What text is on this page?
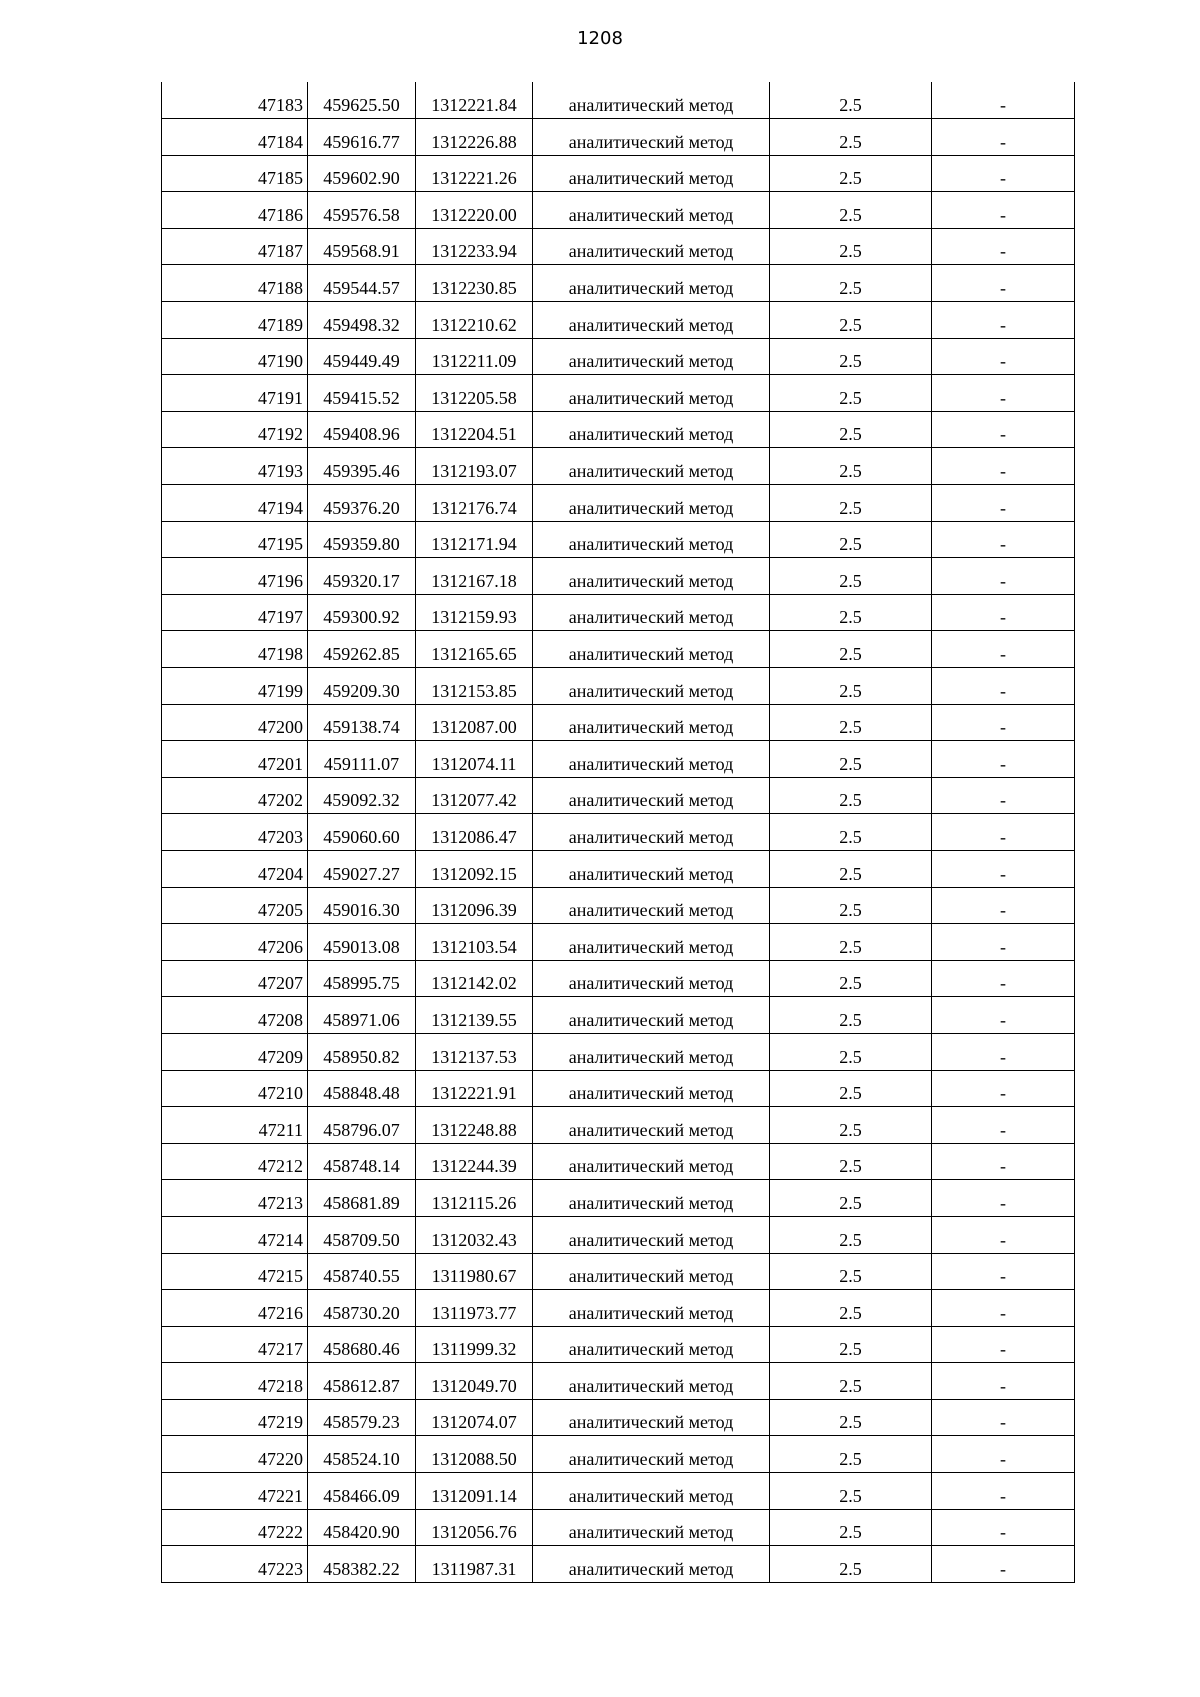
1208
47183	459625.50	1312221.84	аналитический метод	2.5	-
47184	459616.77	1312226.88	аналитический метод	2.5	-
47185	459602.90	1312221.26	аналитический метод	2.5	-
47186	459576.58	1312220.00	аналитический метод	2.5	-
47187	459568.91	1312233.94	аналитический метод	2.5	-
47188	459544.57	1312230.85	аналитический метод	2.5	-
47189	459498.32	1312210.62	аналитический метод	2.5	-
47190	459449.49	1312211.09	аналитический метод	2.5	-
47191	459415.52	1312205.58	аналитический метод	2.5	-
47192	459408.96	1312204.51	аналитический метод	2.5	-
47193	459395.46	1312193.07	аналитический метод	2.5	-
47194	459376.20	1312176.74	аналитический метод	2.5	-
47195	459359.80	1312171.94	аналитический метод	2.5	-
47196	459320.17	1312167.18	аналитический метод	2.5	-
47197	459300.92	1312159.93	аналитический метод	2.5	-
47198	459262.85	1312165.65	аналитический метод	2.5	-
47199	459209.30	1312153.85	аналитический метод	2.5	-
47200	459138.74	1312087.00	аналитический метод	2.5	-
47201	459111.07	1312074.11	аналитический метод	2.5	-
47202	459092.32	1312077.42	аналитический метод	2.5	-
47203	459060.60	1312086.47	аналитический метод	2.5	-
47204	459027.27	1312092.15	аналитический метод	2.5	-
47205	459016.30	1312096.39	аналитический метод	2.5	-
47206	459013.08	1312103.54	аналитический метод	2.5	-
47207	458995.75	1312142.02	аналитический метод	2.5	-
47208	458971.06	1312139.55	аналитический метод	2.5	-
47209	458950.82	1312137.53	аналитический метод	2.5	-
47210	458848.48	1312221.91	аналитический метод	2.5	-
47211	458796.07	1312248.88	аналитический метод	2.5	-
47212	458748.14	1312244.39	аналитический метод	2.5	-
47213	458681.89	1312115.26	аналитический метод	2.5	-
47214	458709.50	1312032.43	аналитический метод	2.5	-
47215	458740.55	1311980.67	аналитический метод	2.5	-
47216	458730.20	1311973.77	аналитический метод	2.5	-
47217	458680.46	1311999.32	аналитический метод	2.5	-
47218	458612.87	1312049.70	аналитический метод	2.5	-
47219	458579.23	1312074.07	аналитический метод	2.5	-
47220	458524.10	1312088.50	аналитический метод	2.5	-
47221	458466.09	1312091.14	аналитический метод	2.5	-
47222	458420.90	1312056.76	аналитический метод	2.5	-
47223	458382.22	1311987.31	аналитический метод	2.5	-
